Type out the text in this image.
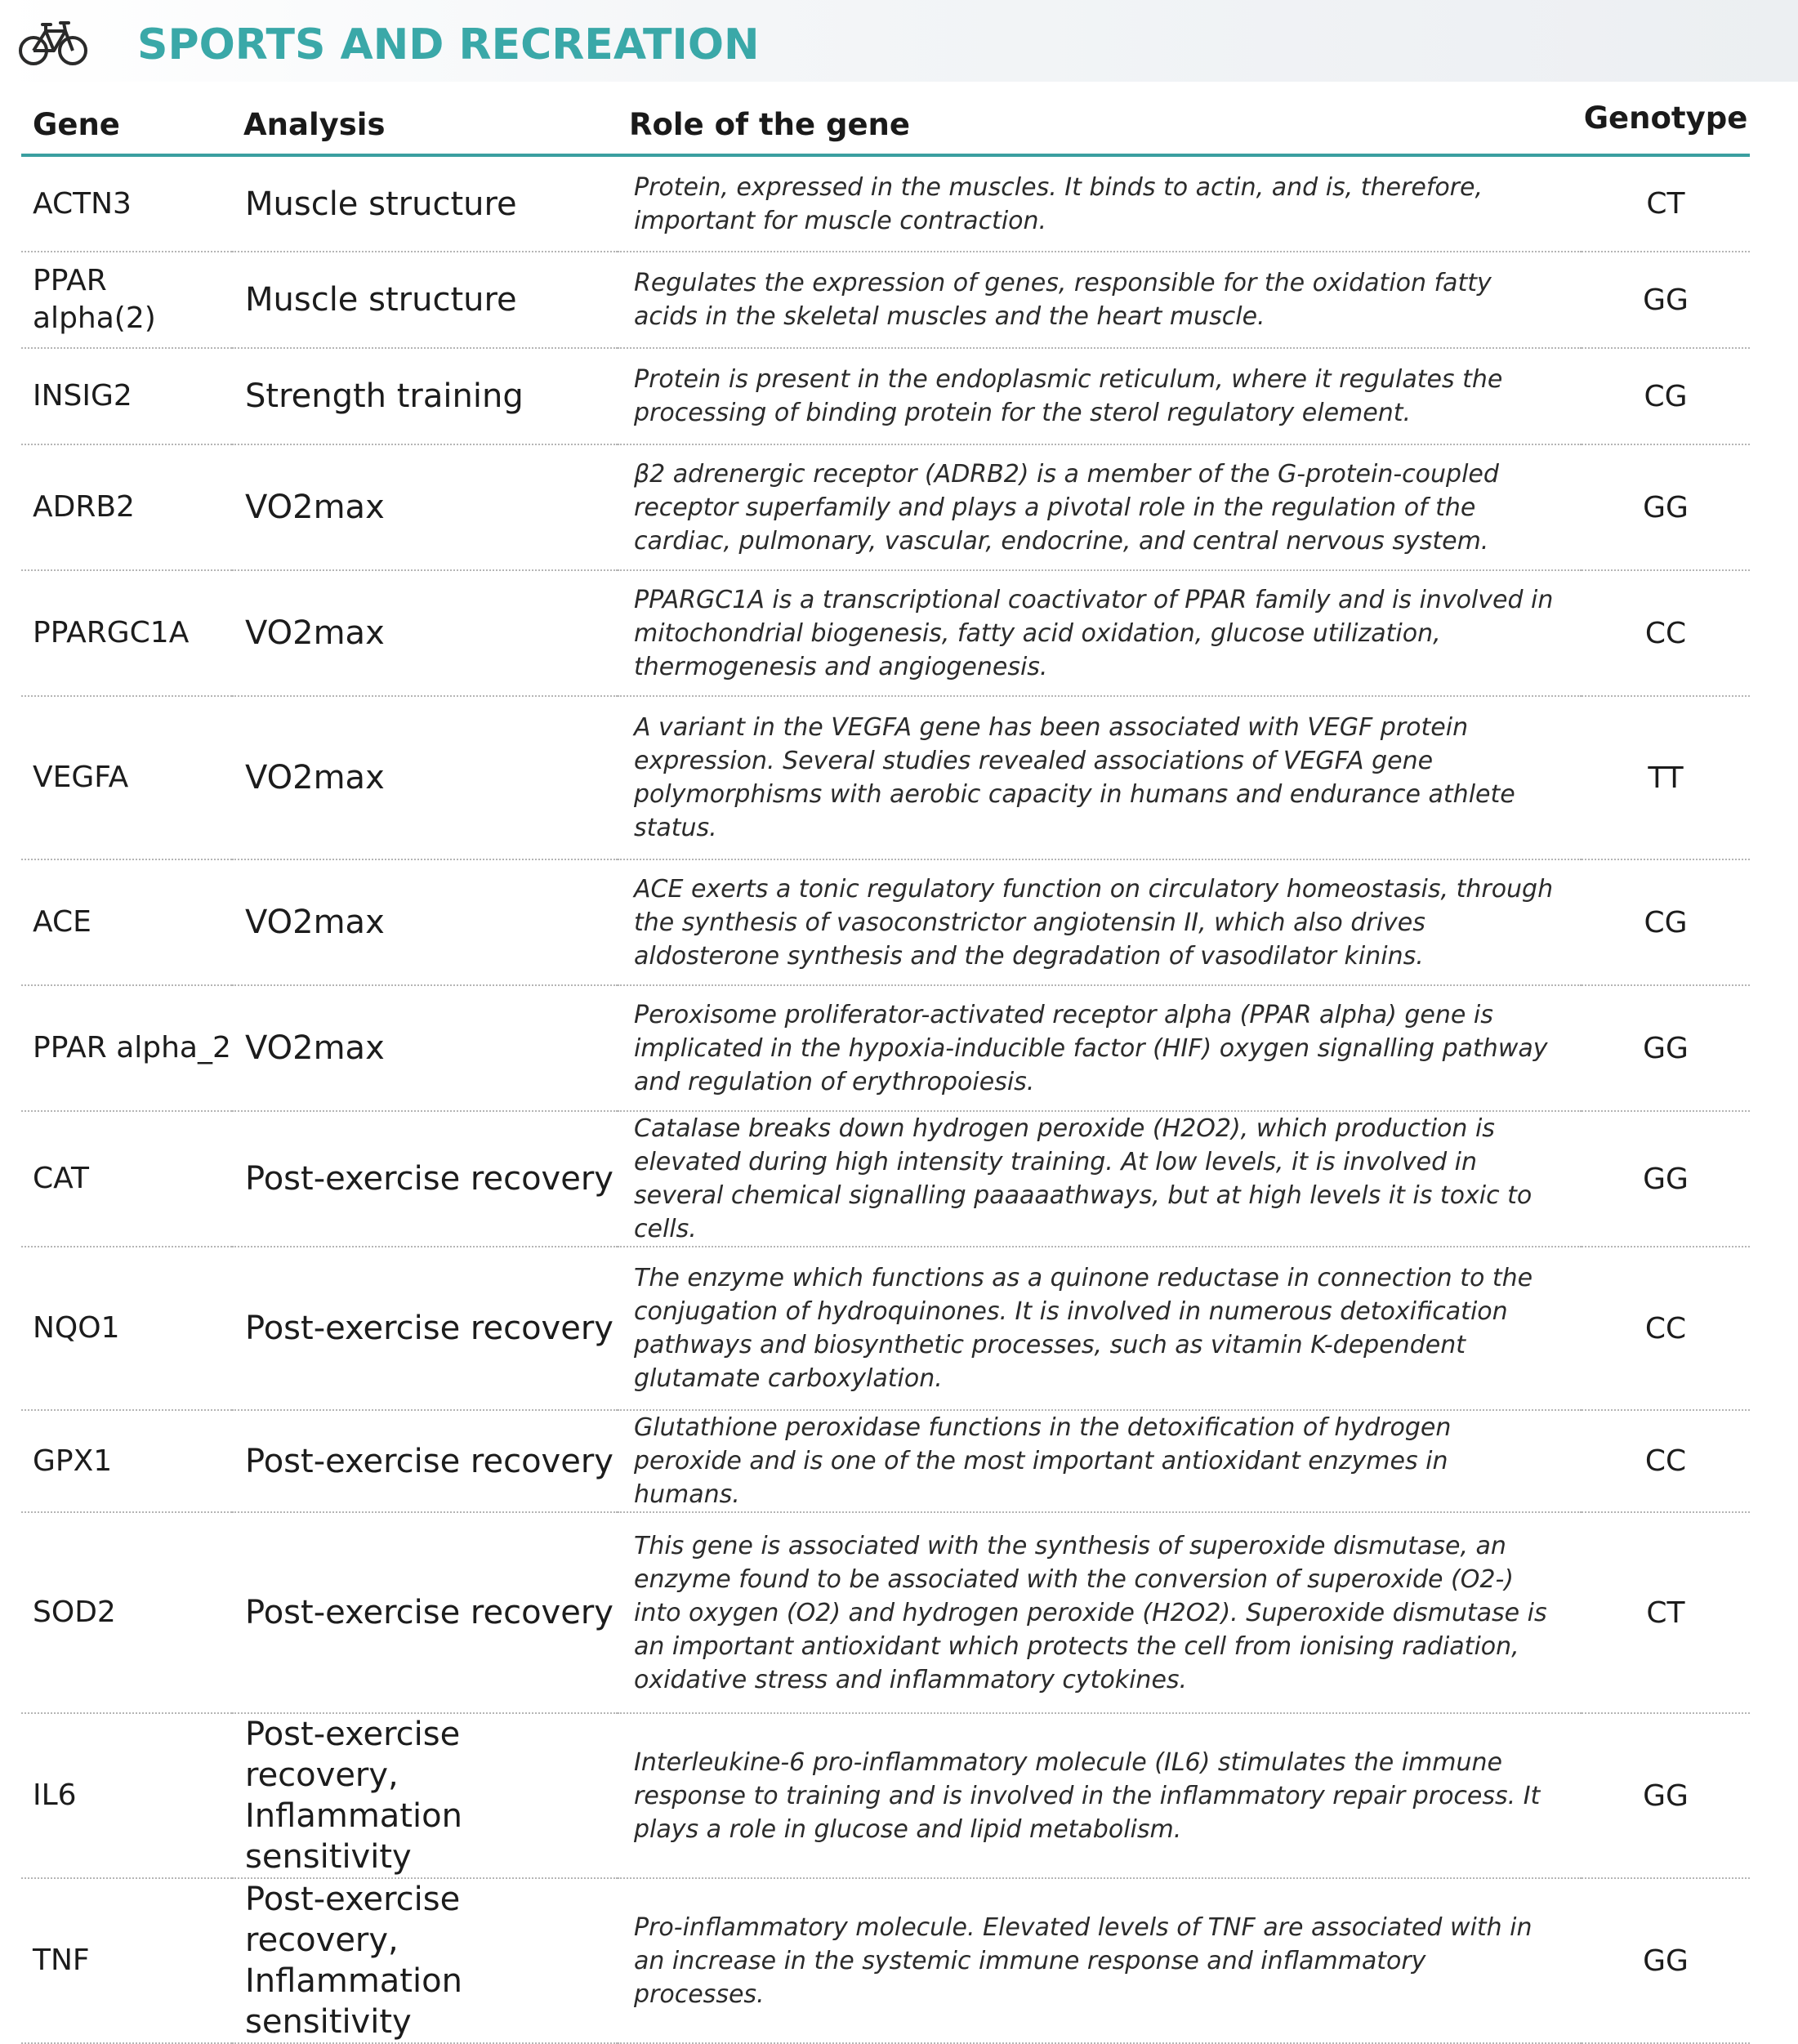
SPORTS AND RECREATION
Gene	Analysis	Role of the gene	Genotype
ACTN3	Muscle structure	Protein, expressed in the muscles. It binds to actin, and is, therefore, important for muscle contraction.	CT
PPAR alpha(2)	Muscle structure	Regulates the expression of genes, responsible for the oxidation fatty acids in the skeletal muscles and the heart muscle.	GG
INSIG2	Strength training	Protein is present in the endoplasmic reticulum, where it regulates the processing of binding protein for the sterol regulatory element.	CG
ADRB2	VO2max	β2 adrenergic receptor (ADRB2) is a member of the G-protein-coupled receptor superfamily and plays a pivotal role in the regulation of the cardiac, pulmonary, vascular, endocrine, and central nervous system.	GG
PPARGC1A	VO2max	PPARGC1A is a transcriptional coactivator of PPAR family and is involved in mitochondrial biogenesis, fatty acid oxidation, glucose utilization, thermogenesis and angiogenesis.	CC
VEGFA	VO2max	A variant in the VEGFA gene has been associated with VEGF protein expression. Several studies revealed associations of VEGFA gene polymorphisms with aerobic capacity in humans and endurance athlete status.	TT
ACE	VO2max	ACE exerts a tonic regulatory function on circulatory homeostasis, through the synthesis of vasoconstrictor angiotensin II, which also drives aldosterone synthesis and the degradation of vasodilator kinins.	CG
PPAR alpha_2	VO2max	Peroxisome proliferator-activated receptor alpha (PPAR alpha) gene is implicated in the hypoxia-inducible factor (HIF) oxygen signalling pathway and regulation of erythropoiesis.	GG
CAT	Post-exercise recovery	Catalase breaks down hydrogen peroxide (H2O2), which production is elevated during high intensity training. At low levels, it is involved in several chemical signalling paaaaathways, but at high levels it is toxic to cells.	GG
NQO1	Post-exercise recovery	The enzyme which functions as a quinone reductase in connection to the conjugation of hydroquinones. It is involved in numerous detoxification pathways and biosynthetic processes, such as vitamin K-dependent glutamate carboxylation.	CC
GPX1	Post-exercise recovery	Glutathione peroxidase functions in the detoxification of hydrogen peroxide and is one of the most important antioxidant enzymes in humans.	CC
SOD2	Post-exercise recovery	This gene is associated with the synthesis of superoxide dismutase, an enzyme found to be associated with the conversion of superoxide (O2-) into oxygen (O2) and hydrogen peroxide (H2O2). Superoxide dismutase is an important antioxidant which protects the cell from ionising radiation, oxidative stress and inflammatory cytokines.	CT
IL6	Post-exercise recovery, Inflammation sensitivity	Interleukine-6 pro-inflammatory molecule (IL6) stimulates the immune response to training and is involved in the inflammatory repair process. It plays a role in glucose and lipid metabolism.	GG
TNF	Post-exercise recovery, Inflammation sensitivity	Pro-inflammatory molecule. Elevated levels of TNF are associated with in an increase in the systemic immune response and inflammatory processes.	GG
